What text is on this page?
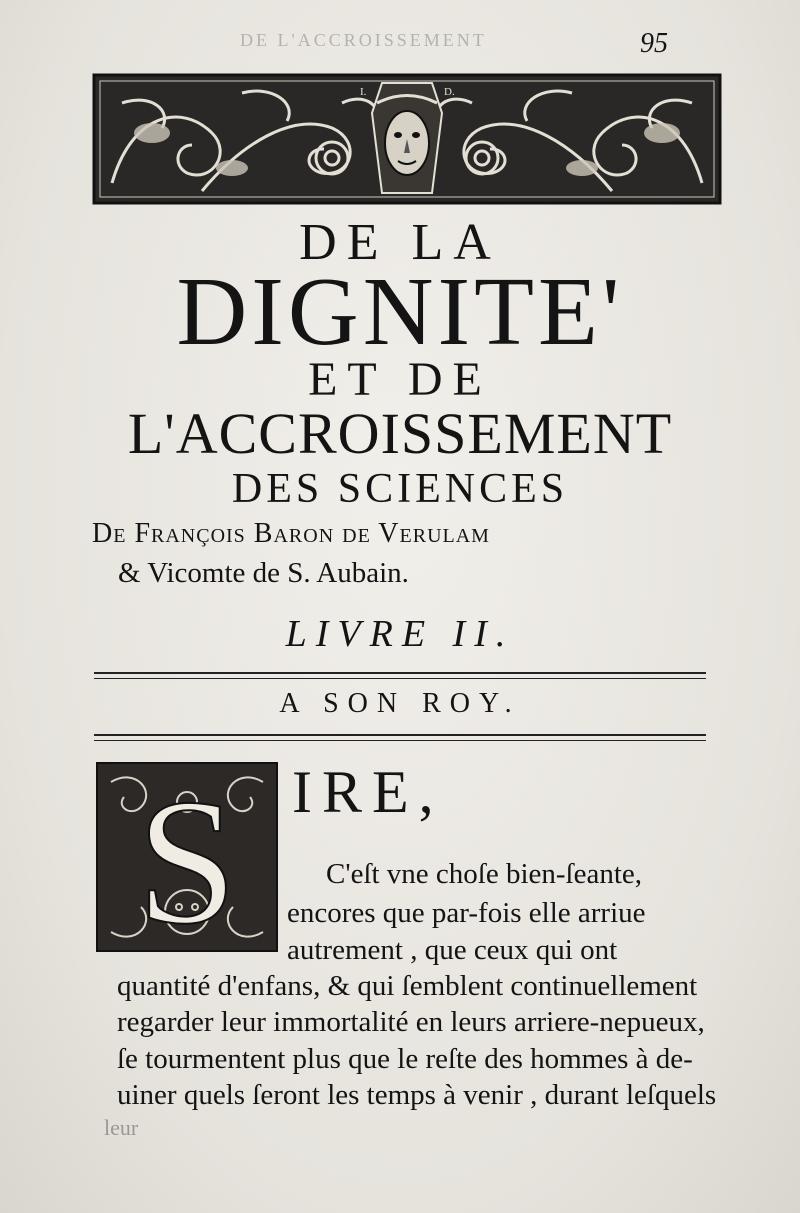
DE L'ACCROISSEMENT	95
I.	D.
DE LA
DIGNITE'
ET DE
L'ACCROISSEMENT
DES SCIENCES
De François Baron de Verulam
& Vicomte de S. Aubain.
LIVRE II.
A SON ROY.
S IRE,
C'eſt vne choſe bien-ſeante,
encores que par-fois elle arriue
autrement , que ceux qui ont
quantité d'enfans, & qui ſemblent continuellement
regarder leur immortalité en leurs arriere-nepueux,
ſe tourmentent plus que le reſte des hommes à de-
uiner quels ſeront les temps à venir , durant leſquels
leur
